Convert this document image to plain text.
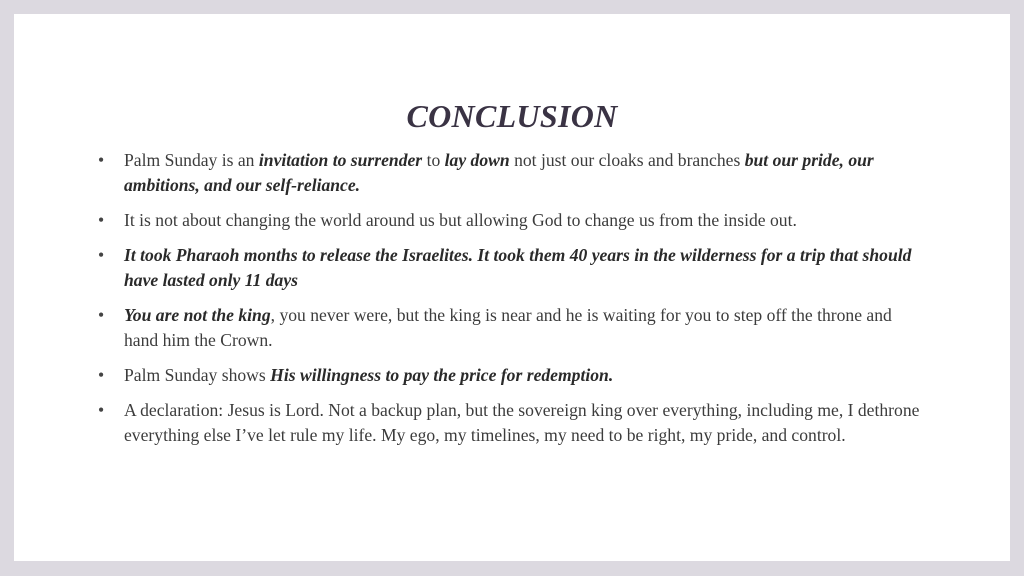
CONCLUSION
• Palm Sunday is an invitation to surrender to lay down not just our cloaks and branches but our pride, our ambitions, and our self-reliance.
• It is not about changing the world around us but allowing God to change us from the inside out.
• It took Pharaoh months to release the Israelites. It took them 40 years in the wilderness for a trip that should have lasted only 11 days
• You are not the king, you never were, but the king is near and he is waiting for you to step off the throne and hand him the Crown.
• Palm Sunday shows His willingness to pay the price for redemption.
• A declaration: Jesus is Lord. Not a backup plan, but the sovereign king over everything, including me, I dethrone everything else I’ve let rule my life. My ego, my timelines, my need to be right, my pride, and control.
